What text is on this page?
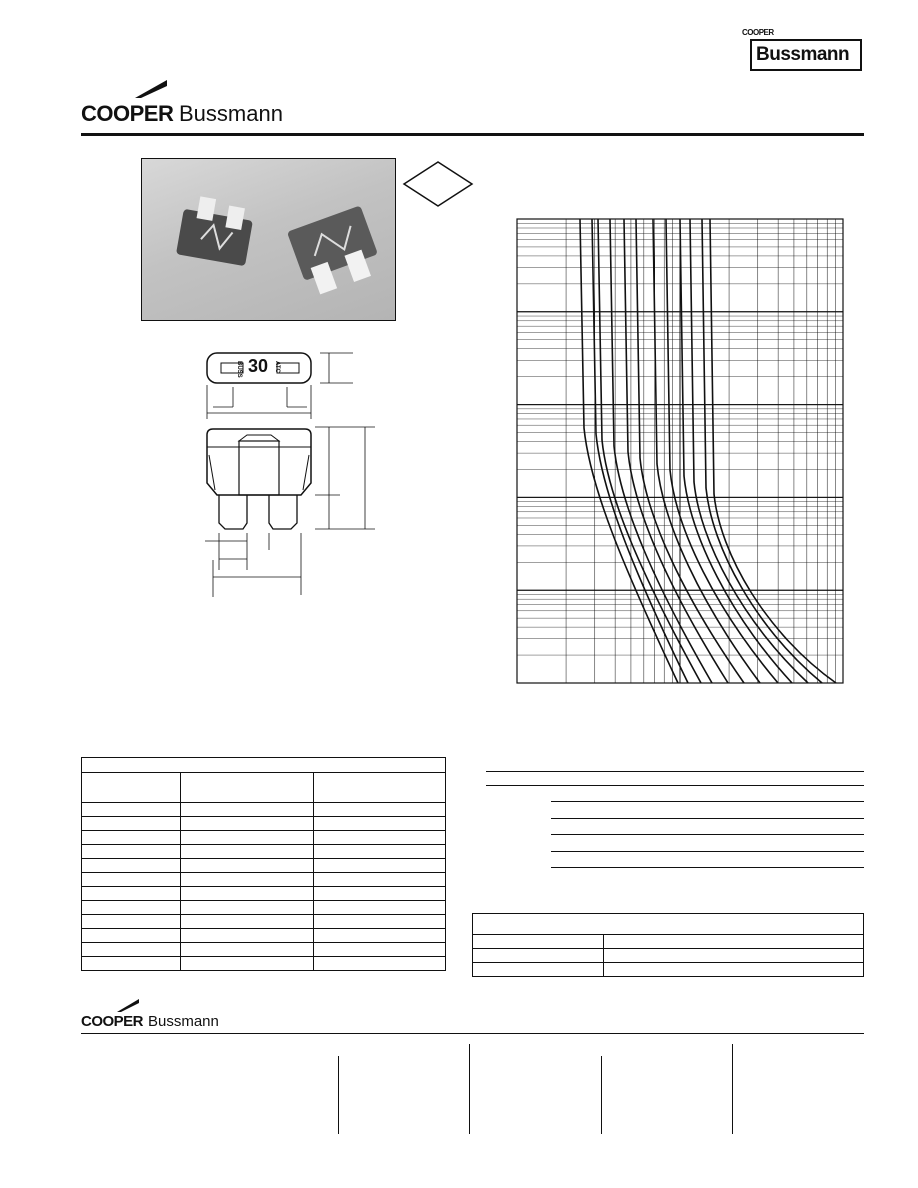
COOPER
Bussmann
COOPER Bussmann
BUSS 30 ATC

COOPER Bussmann
